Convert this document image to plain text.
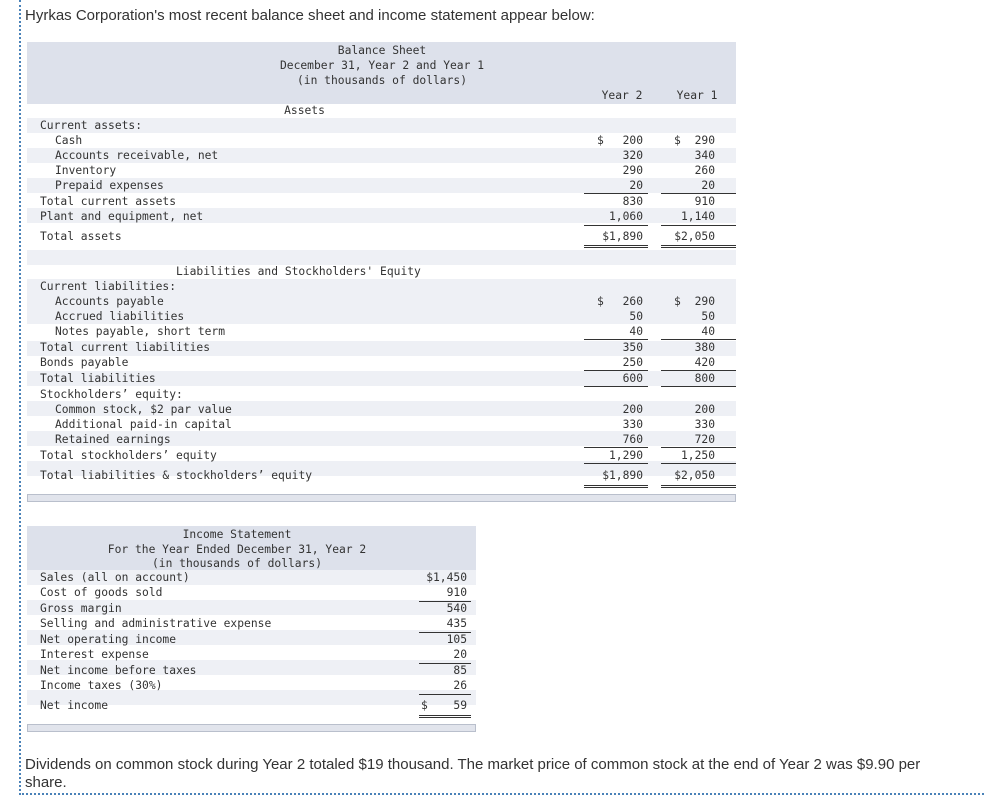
Hyrkas Corporation's most recent balance sheet and income statement appear below:
Balance Sheet
December 31, Year 2 and Year 1
(in thousands of dollars)
Year 2	Year 1
Assets
Current assets:
Cash	$	200	$	290
Accounts receivable, net	320	340
Inventory	290	260
Prepaid expenses	20	20
Total current assets	830	910
Plant and equipment, net	1,060	1,140
Total assets	$1,890	$2,050
Liabilities and Stockholders' Equity
Current liabilities:
Accounts payable	$	260	$	290
Accrued liabilities	50	50
Notes payable, short term	40	40
Total current liabilities	350	380
Bonds payable	250	420
Total liabilities	600	800
Stockholders’ equity:
Common stock, $2 par value	200	200
Additional paid-in capital	330	330
Retained earnings	760	720
Total stockholders’ equity	1,290	1,250
Total liabilities & stockholders’ equity	$1,890	$2,050
Income Statement
For the Year Ended December 31, Year 2
(in thousands of dollars)
Sales (all on account)	$1,450
Cost of goods sold	910
Gross margin	540
Selling and administrative expense	435
Net operating income	105
Interest expense	20
Net income before taxes	85
Income taxes (30%)	26
Net income	$	59
Dividends on common stock during Year 2 totaled $19 thousand. The market price of common stock at the end of Year 2 was $9.90 per share.
